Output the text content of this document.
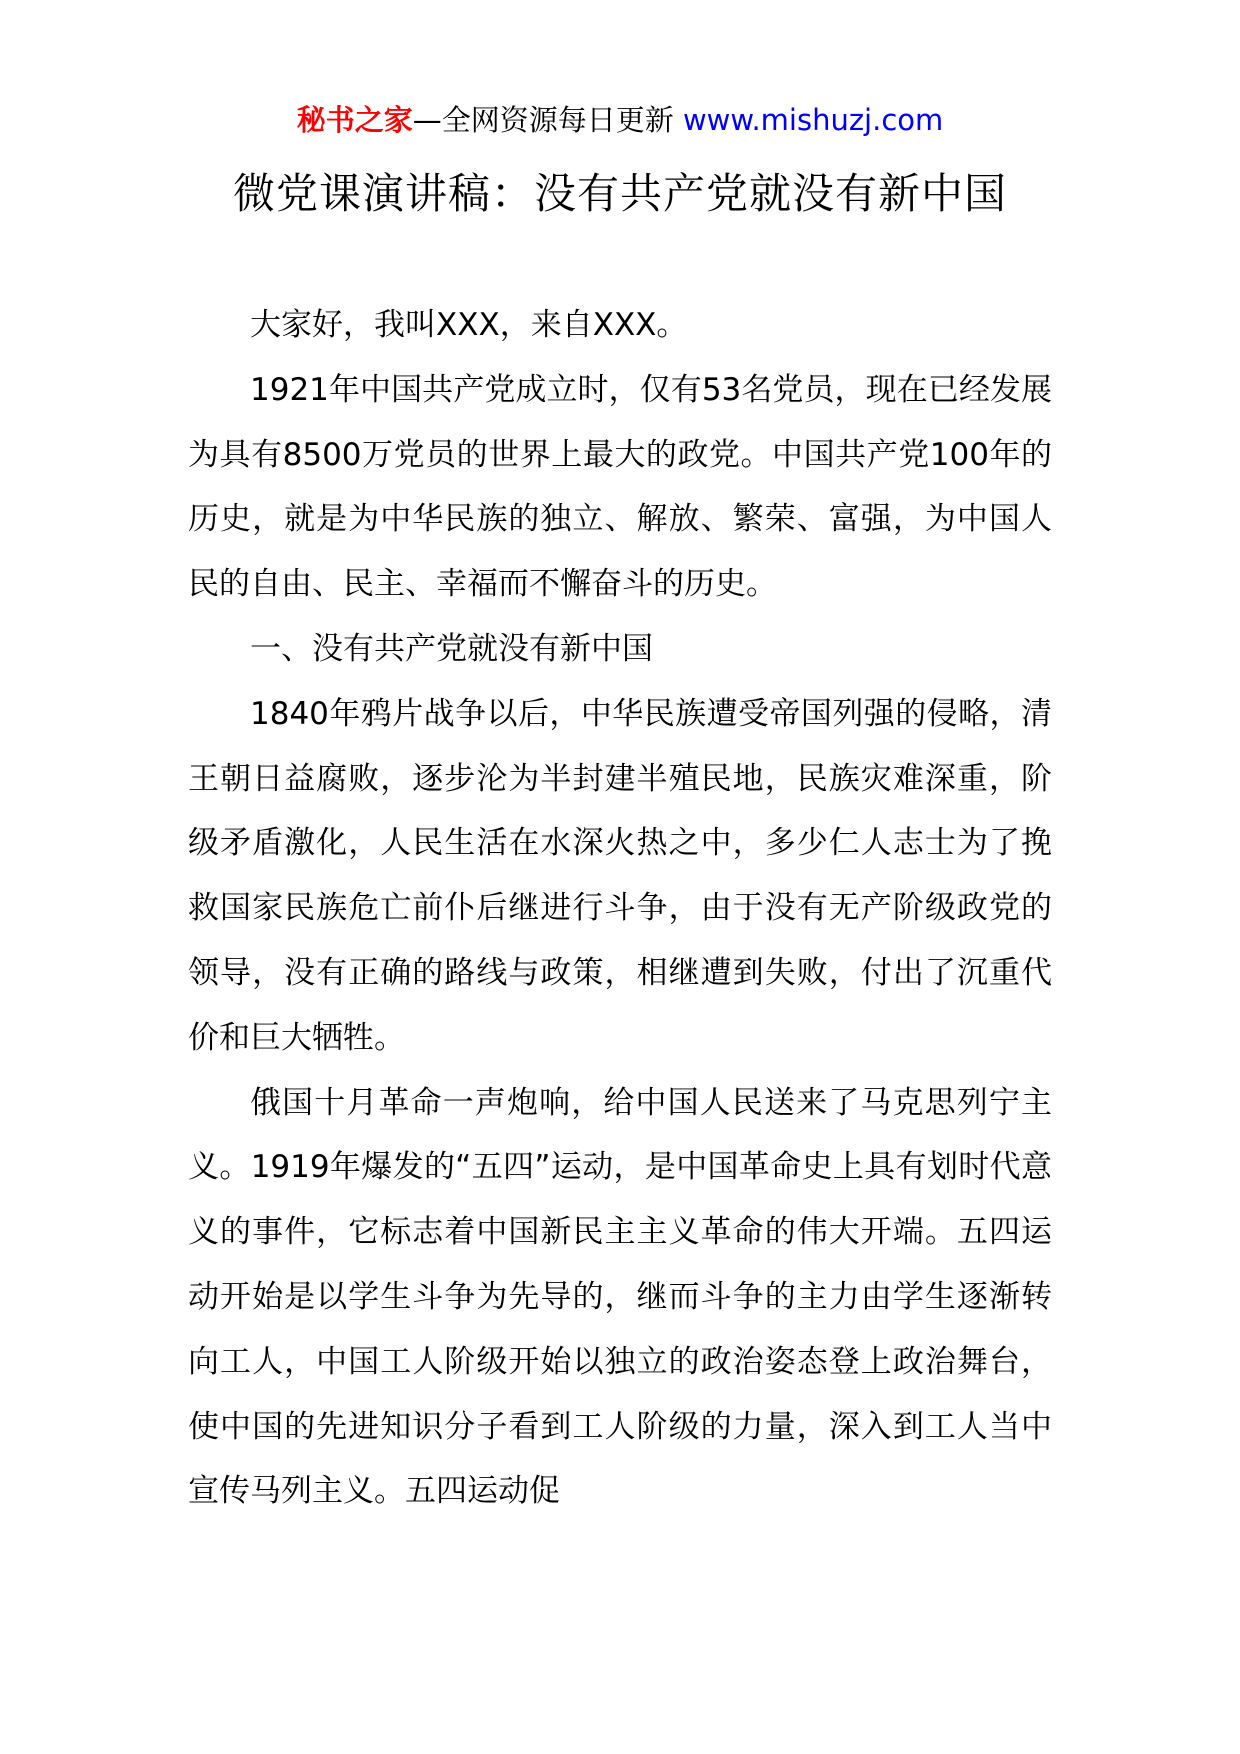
秘书之家—全网资源每日更新 www.mishuzj.com
微党课演讲稿：没有共产党就没有新中国

大家好，我叫XXX，来自XXX。

1921年中国共产党成立时，仅有53名党员，现在已经发展为具有8500万党员的世界上最大的政党。中国共产党100年的历史，就是为中华民族的独立、解放、繁荣、富强，为中国人民的自由、民主、幸福而不懈奋斗的历史。

一、没有共产党就没有新中国

1840年鸦片战争以后，中华民族遭受帝国列强的侵略，清王朝日益腐败，逐步沦为半封建半殖民地，民族灾难深重，阶级矛盾激化，人民生活在水深火热之中，多少仁人志士为了挽救国家民族危亡前仆后继进行斗争，由于没有无产阶级政党的领导，没有正确的路线与政策，相继遭到失败，付出了沉重代价和巨大牺牲。

俄国十月革命一声炮响，给中国人民送来了马克思列宁主义。1919年爆发的“五四”运动，是中国革命史上具有划时代意义的事件，它标志着中国新民主主义革命的伟大开端。五四运动开始是以学生斗争为先导的，继而斗争的主力由学生逐渐转向工人，中国工人阶级开始以独立的政治姿态登上政治舞台，使中国的先进知识分子看到工人阶级的力量，深入到工人当中宣传马列主义。五四运动促
